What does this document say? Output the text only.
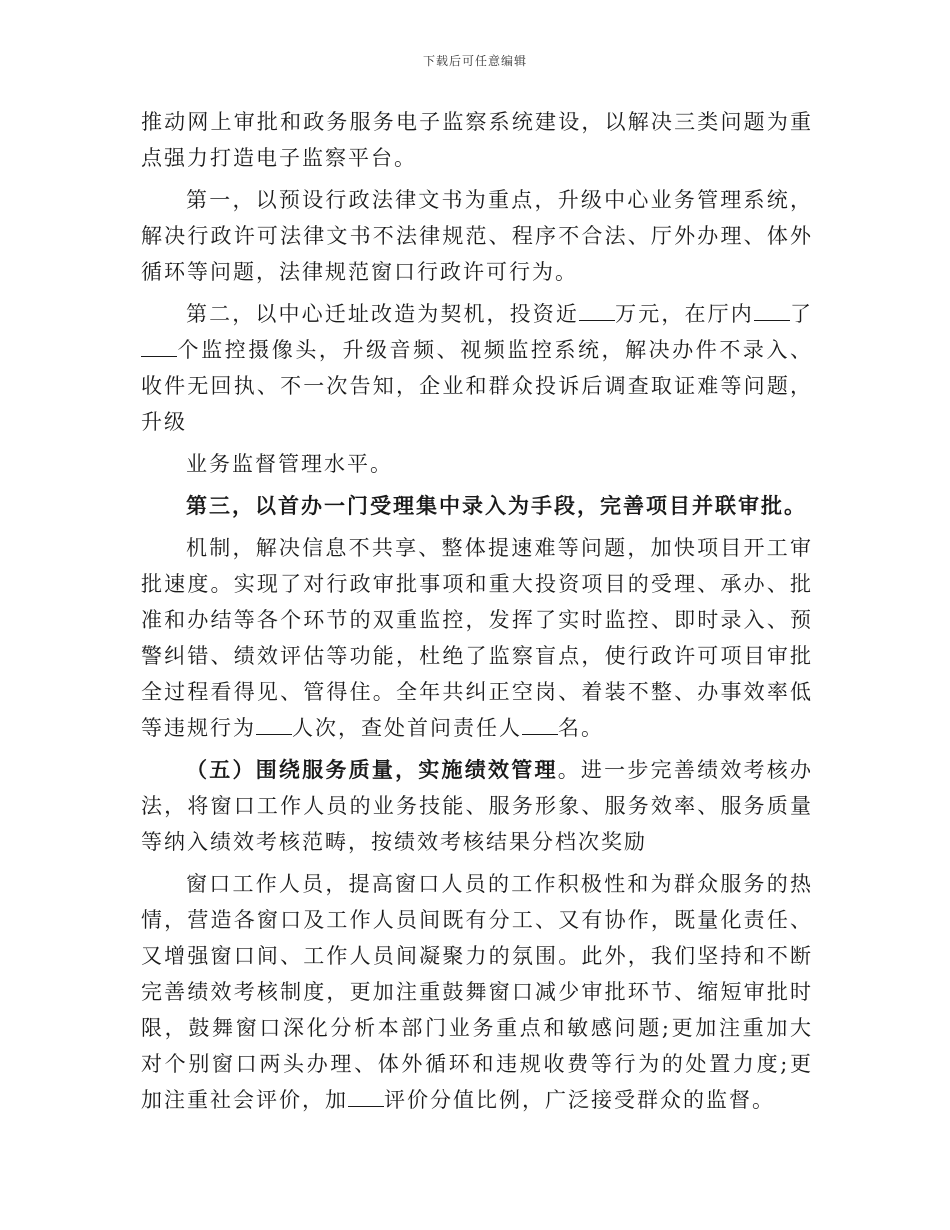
下载后可任意编辑

推动网上审批和政务服务电子监察系统建设，以解决三类问题为重点强力打造电子监察平台。

第一，以预设行政法律文书为重点，升级中心业务管理系统，解决行政许可法律文书不法律规范、程序不合法、厅外办理、体外循环等问题，法律规范窗口行政许可行为。

第二，以中心迁址改造为契机，投资近 万元，在厅内 了个监控摄像头，升级音频、视频监控系统，解决办件不录入、收件无回执、不一次告知，企业和群众投诉后调查取证难等问题，升级

业务监督管理水平。

第三，以首办一门受理集中录入为手段，完善项目并联审批。

机制，解决信息不共享、整体提速难等问题，加快项目开工审批速度。实现了对行政审批事项和重大投资项目的受理、承办、批准和办结等各个环节的双重监控，发挥了实时监控、即时录入、预警纠错、绩效评估等功能，杜绝了监察盲点，使行政许可项目审批全过程看得见、管得住。全年共纠正空岗、着装不整、办事效率低等违规行为 人次，查处首问责任人 名。

（五）围绕服务质量，实施绩效管理。进一步完善绩效考核办法，将窗口工作人员的业务技能、服务形象、服务效率、服务质量等纳入绩效考核范畴，按绩效考核结果分档次奖励

窗口工作人员，提高窗口人员的工作积极性和为群众服务的热情，营造各窗口及工作人员间既有分工、又有协作，既量化责任、又增强窗口间、工作人员间凝聚力的氛围。此外，我们坚持和不断完善绩效考核制度，更加注重鼓舞窗口减少审批环节、缩短审批时限，鼓舞窗口深化分析本部门业务重点和敏感问题;更加注重加大对个别窗口两头办理、体外循环和违规收费等行为的处置力度;更加注重社会评价，加 评价分值比例，广泛接受群众的监督。
